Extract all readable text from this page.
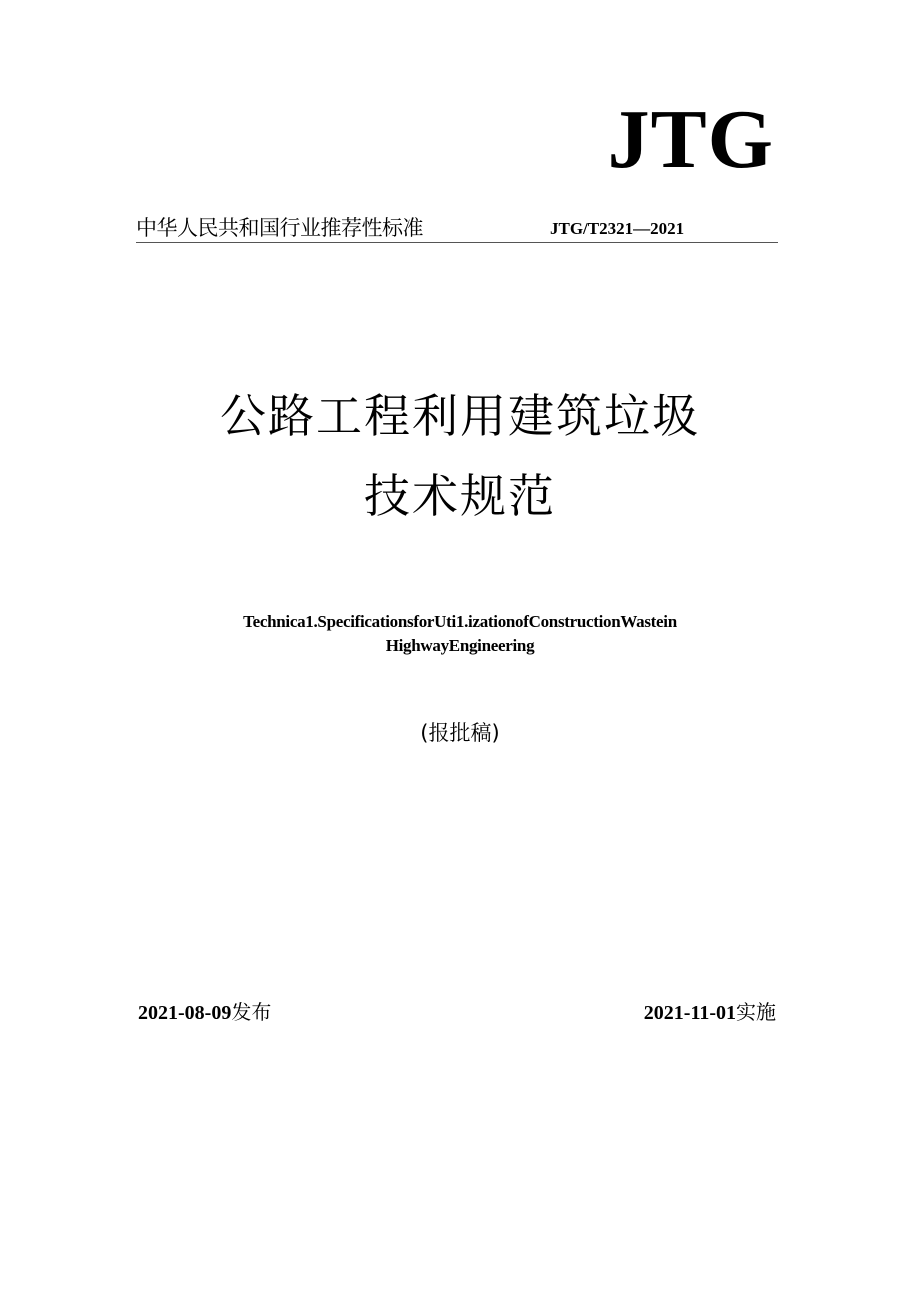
JTG
中华人民共和国行业推荐性标准	JTG/T2321—2021
公路工程利用建筑垃圾
技术规范
Technica1.SpecificationsforUti1.izationofConstructionWastein
HighwayEngineering
(报批稿)
2021-08-09发布	2021-11-01实施
